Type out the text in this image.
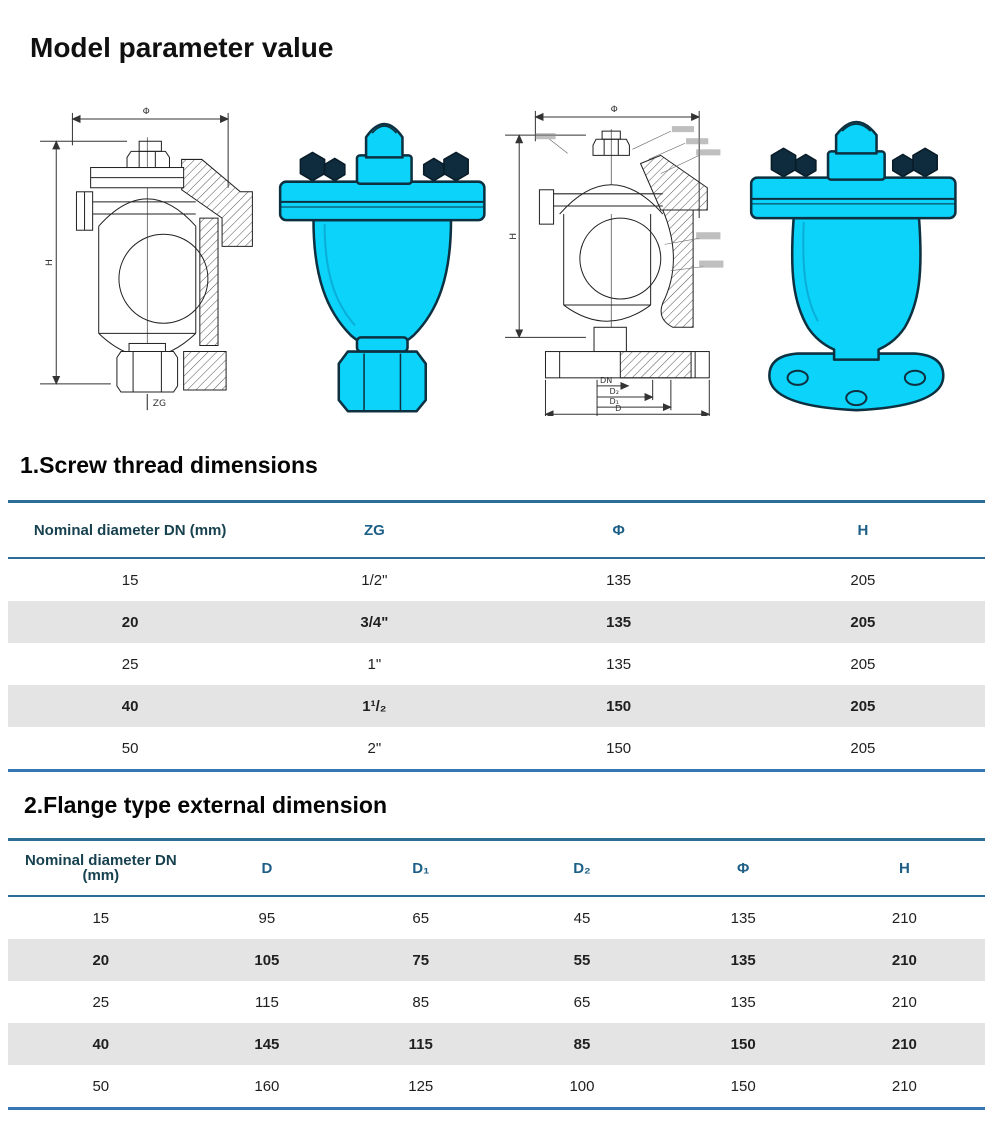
Model parameter value
Φ
H
ZG
Φ
H
DN
D₂
D₁
D
1.Screw thread dimensions
Nominal diameter DN (mm)	ZG	Φ	H
15	1/2"	135	205
20	3/4"	135	205
25	1"	135	205
40	1¹/₂	150	205
50	2"	150	205
2.Flange type external dimension
Nominal diameter DN (mm)	D	D₁	D₂	Φ	H
15	95	65	45	135	210
20	105	75	55	135	210
25	115	85	65	135	210
40	145	115	85	150	210
50	160	125	100	150	210
